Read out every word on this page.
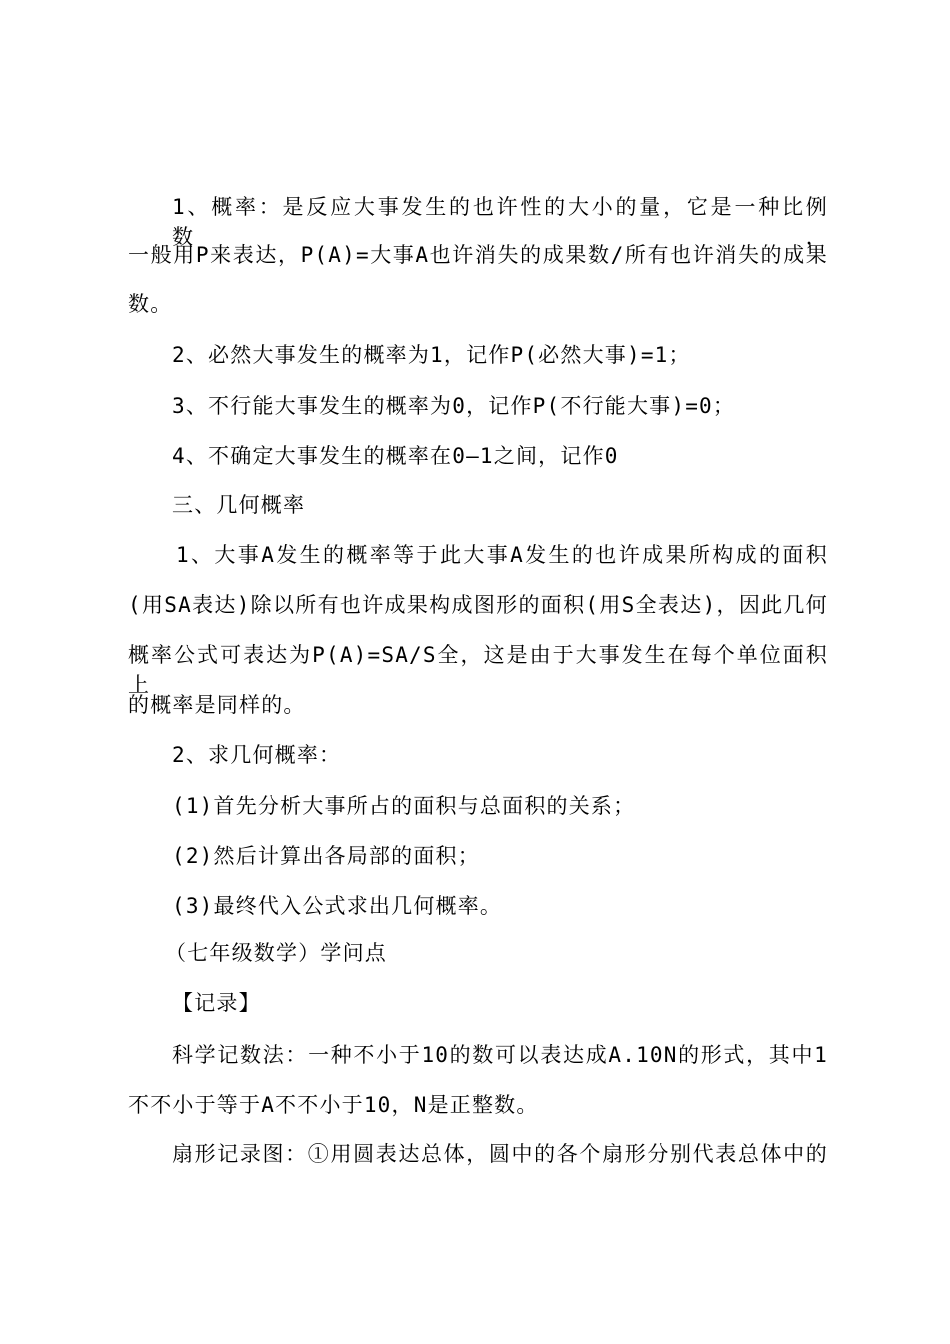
1、概率：是反应大事发生的也许性的大小的量，它是一种比例数，
一般用P来表达，P(A)=大事A也许消失的成果数/所有也许消失的成果
数。
2、必然大事发生的概率为1，记作P(必然大事)=1；
3、不行能大事发生的概率为0，记作P(不行能大事)=0；
4、不确定大事发生的概率在0—1之间，记作0
三、几何概率
1、大事A发生的概率等于此大事A发生的也许成果所构成的面积
(用SA表达)除以所有也许成果构成图形的面积(用S全表达)，因此几何
概率公式可表达为P(A)=SA/S全，这是由于大事发生在每个单位面积上
的概率是同样的。
2、求几何概率：
(1)首先分析大事所占的面积与总面积的关系；
(2)然后计算出各局部的面积；
(3)最终代入公式求出几何概率。
（七年级数学）学问点
【记录】
科学记数法：一种不小于10的数可以表达成A.10N的形式，其中1
不不小于等于A不不小于10，N是正整数。
扇形记录图：①用圆表达总体，圆中的各个扇形分别代表总体中的
